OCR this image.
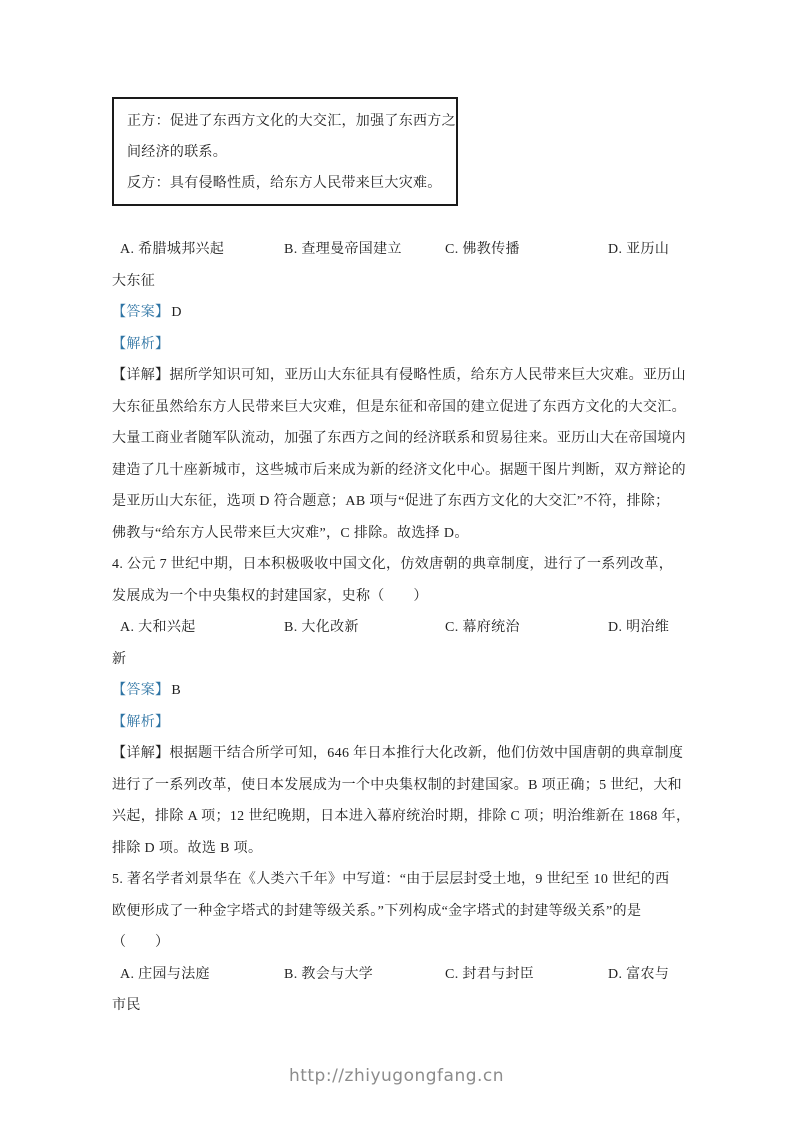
正方：促进了东西方文化的大交汇，加强了东西方之
间经济的联系。
反方：具有侵略性质，给东方人民带来巨大灾难。
A. 希腊城邦兴起	B. 查理曼帝国建立	C. 佛教传播	D. 亚历山
大东征
【答案】 D
【解析】
【详解】据所学知识可知，亚历山大东征具有侵略性质，给东方人民带来巨大灾难。亚历山
大东征虽然给东方人民带来巨大灾难，但是东征和帝国的建立促进了东西方文化的大交汇。
大量工商业者随军队流动，加强了东西方之间的经济联系和贸易往来。亚历山大在帝国境内
建造了几十座新城市，这些城市后来成为新的经济文化中心。据题干图片判断，双方辩论的
是亚历山大东征，选项 D 符合题意；AB 项与“促进了东西方文化的大交汇”不符，排除；
佛教与“给东方人民带来巨大灾难”，C 排除。故选择 D。
4. 公元 7 世纪中期，日本积极吸收中国文化，仿效唐朝的典章制度，进行了一系列改革，
发展成为一个中央集权的封建国家，史称（　　）
A. 大和兴起	B. 大化改新	C. 幕府统治	D. 明治维
新
【答案】 B
【解析】
【详解】根据题干结合所学可知，646 年日本推行大化改新，他们仿效中国唐朝的典章制度
进行了一系列改革，使日本发展成为一个中央集权制的封建国家。B 项正确；5 世纪，大和
兴起，排除 A 项；12 世纪晚期，日本进入幕府统治时期，排除 C 项；明治维新在 1868 年，
排除 D 项。故选 B 项。
5. 著名学者刘景华在《人类六千年》中写道：“由于层层封受土地，9 世纪至 10 世纪的西
欧便形成了一种金字塔式的封建等级关系。”下列构成“金字塔式的封建等级关系”的是
（　　）
A. 庄园与法庭	B. 教会与大学	C. 封君与封臣	D. 富农与
市民
http://zhiyugongfang.cn
